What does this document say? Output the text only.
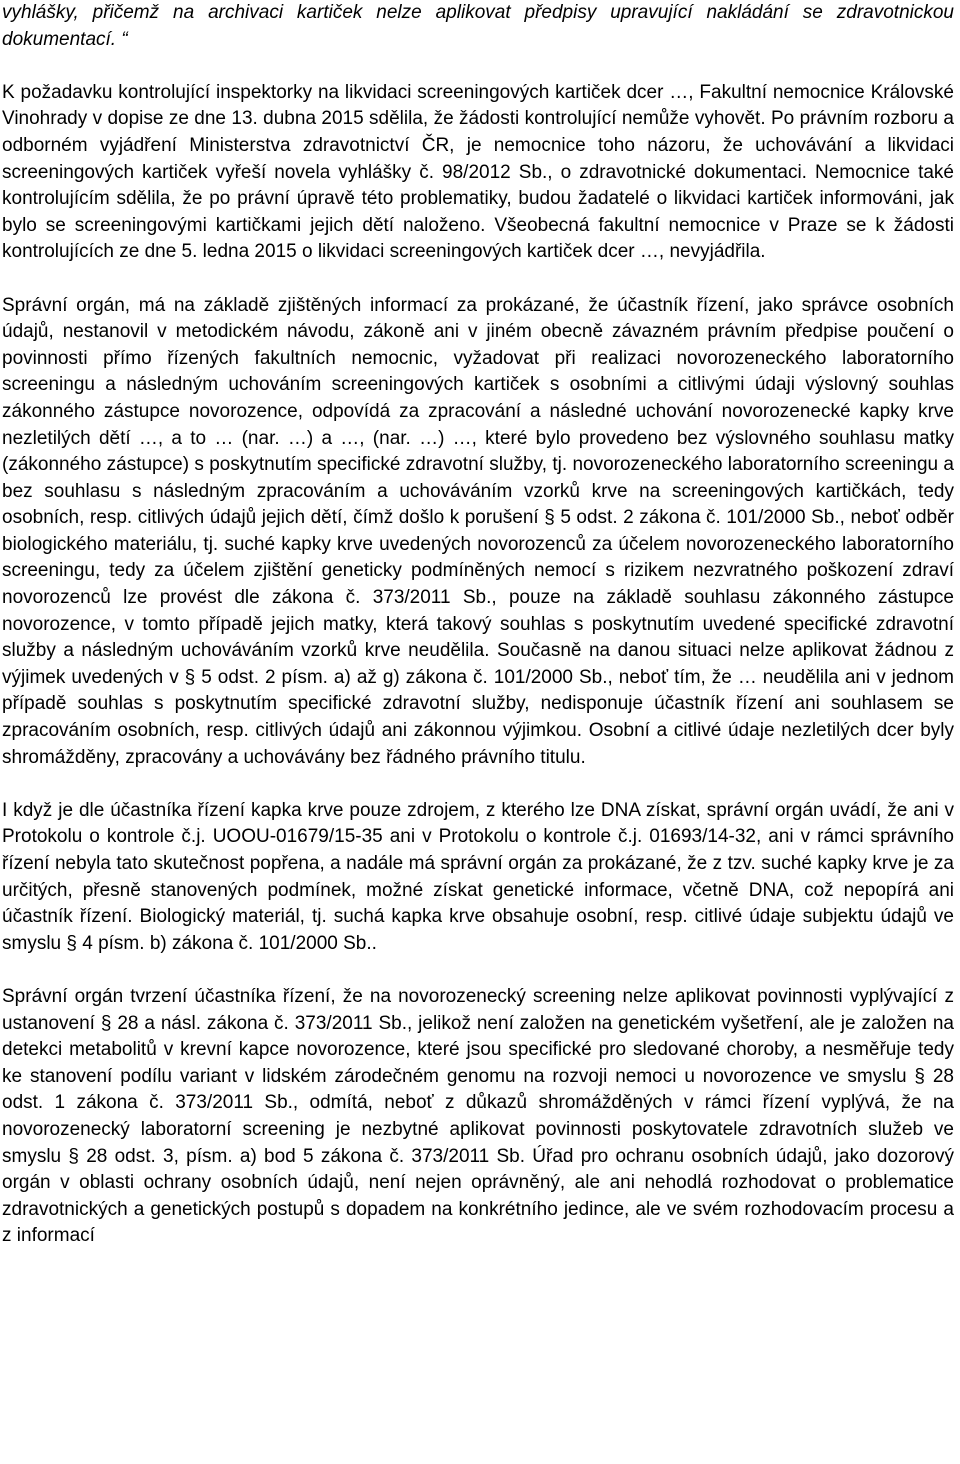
vyhlášky, přičemž na archivaci kartiček nelze aplikovat předpisy upravující nakládání se zdravotnickou dokumentací. “

K požadavku kontrolující inspektorky na likvidaci screeningových kartiček dcer …, Fakultní nemocnice Královské Vinohrady v dopise ze dne 13. dubna 2015 sdělila, že žádosti kontrolující nemůže vyhovět. Po právním rozboru a odborném vyjádření Ministerstva zdravotnictví ČR, je nemocnice toho názoru, že uchovávání a likvidaci screeningových kartiček vyřeší novela vyhlášky č. 98/2012 Sb., o zdravotnické dokumentaci. Nemocnice také kontrolujícím sdělila, že po právní úpravě této problematiky, budou žadatelé o likvidaci kartiček informováni, jak bylo se screeningovými kartičkami jejich dětí naloženo. Všeobecná fakultní nemocnice v Praze se k žádosti kontrolujících ze dne 5. ledna 2015 o likvidaci screeningových kartiček dcer …, nevyjádřila.

Správní orgán, má na základě zjištěných informací za prokázané, že účastník řízení, jako správce osobních údajů, nestanovil v metodickém návodu, zákoně ani v jiném obecně závazném právním předpise poučení o povinnosti přímo řízených fakultních nemocnic, vyžadovat při realizaci novorozeneckého laboratorního screeningu a následným uchováním screeningových kartiček s osobními a citlivými údaji výslovný souhlas zákonného zástupce novorozence, odpovídá za zpracování a následné uchování novorozenecké kapky krve nezletilých dětí …, a to … (nar. …) a …, (nar. …) …, které bylo provedeno bez výslovného souhlasu matky (zákonného zástupce) s poskytnutím specifické zdravotní služby, tj. novorozeneckého laboratorního screeningu a bez souhlasu s následným zpracováním a uchováváním vzorků krve na screeningových kartičkách, tedy osobních, resp. citlivých údajů jejich dětí, čímž došlo k porušení § 5 odst. 2 zákona č. 101/2000 Sb., neboť odběr biologického materiálu, tj. suché kapky krve uvedených novorozenců za účelem novorozeneckého laboratorního screeningu, tedy za účelem zjištění geneticky podmíněných nemocí s rizikem nezvratného poškození zdraví novorozenců lze provést dle zákona č. 373/2011 Sb., pouze na základě souhlasu zákonného zástupce novorozence, v tomto případě jejich matky, která takový souhlas s poskytnutím uvedené specifické zdravotní služby a následným uchováváním vzorků krve neudělila. Současně na danou situaci nelze aplikovat žádnou z výjimek uvedených v § 5 odst. 2 písm. a) až g) zákona č. 101/2000 Sb., neboť tím, že … neudělila ani v jednom případě souhlas s poskytnutím specifické zdravotní služby, nedisponuje účastník řízení ani souhlasem se zpracováním osobních, resp. citlivých údajů ani zákonnou výjimkou. Osobní a citlivé údaje nezletilých dcer byly shromážděny, zpracovány a uchovávány bez řádného právního titulu.

I když je dle účastníka řízení kapka krve pouze zdrojem, z kterého lze DNA získat, správní orgán uvádí, že ani v Protokolu o kontrole č.j. UOOU-01679/15-35 ani v Protokolu o kontrole č.j. 01693/14-32, ani v rámci správního řízení nebyla tato skutečnost popřena, a nadále má správní orgán za prokázané, že z tzv. suché kapky krve je za určitých, přesně stanovených podmínek, možné získat genetické informace, včetně DNA, což nepopírá ani účastník řízení. Biologický materiál, tj. suchá kapka krve obsahuje osobní, resp. citlivé údaje subjektu údajů ve smyslu § 4 písm. b) zákona č. 101/2000 Sb..

Správní orgán tvrzení účastníka řízení, že na novorozenecký screening nelze aplikovat povinnosti vyplývající z ustanovení § 28 a násl. zákona č. 373/2011 Sb., jelikož není založen na genetickém vyšetření, ale je založen na detekci metabolitů v krevní kapce novorozence, které jsou specifické pro sledované choroby, a nesměřuje tedy ke stanovení podílu variant v lidském zárodečném genomu na rozvoji nemoci u novorozence ve smyslu § 28 odst. 1 zákona č. 373/2011 Sb., odmítá, neboť z důkazů shromážděných v rámci řízení vyplývá, že na novorozenecký laboratorní screening je nezbytné aplikovat povinnosti poskytovatele zdravotních služeb ve smyslu § 28 odst. 3, písm. a) bod 5 zákona č. 373/2011 Sb. Úřad pro ochranu osobních údajů, jako dozorový orgán v oblasti ochrany osobních údajů, není nejen oprávněný, ale ani nehodlá rozhodovat o problematice zdravotnických a genetických postupů s dopadem na konkrétního jedince, ale ve svém rozhodovacím procesu a z informací
